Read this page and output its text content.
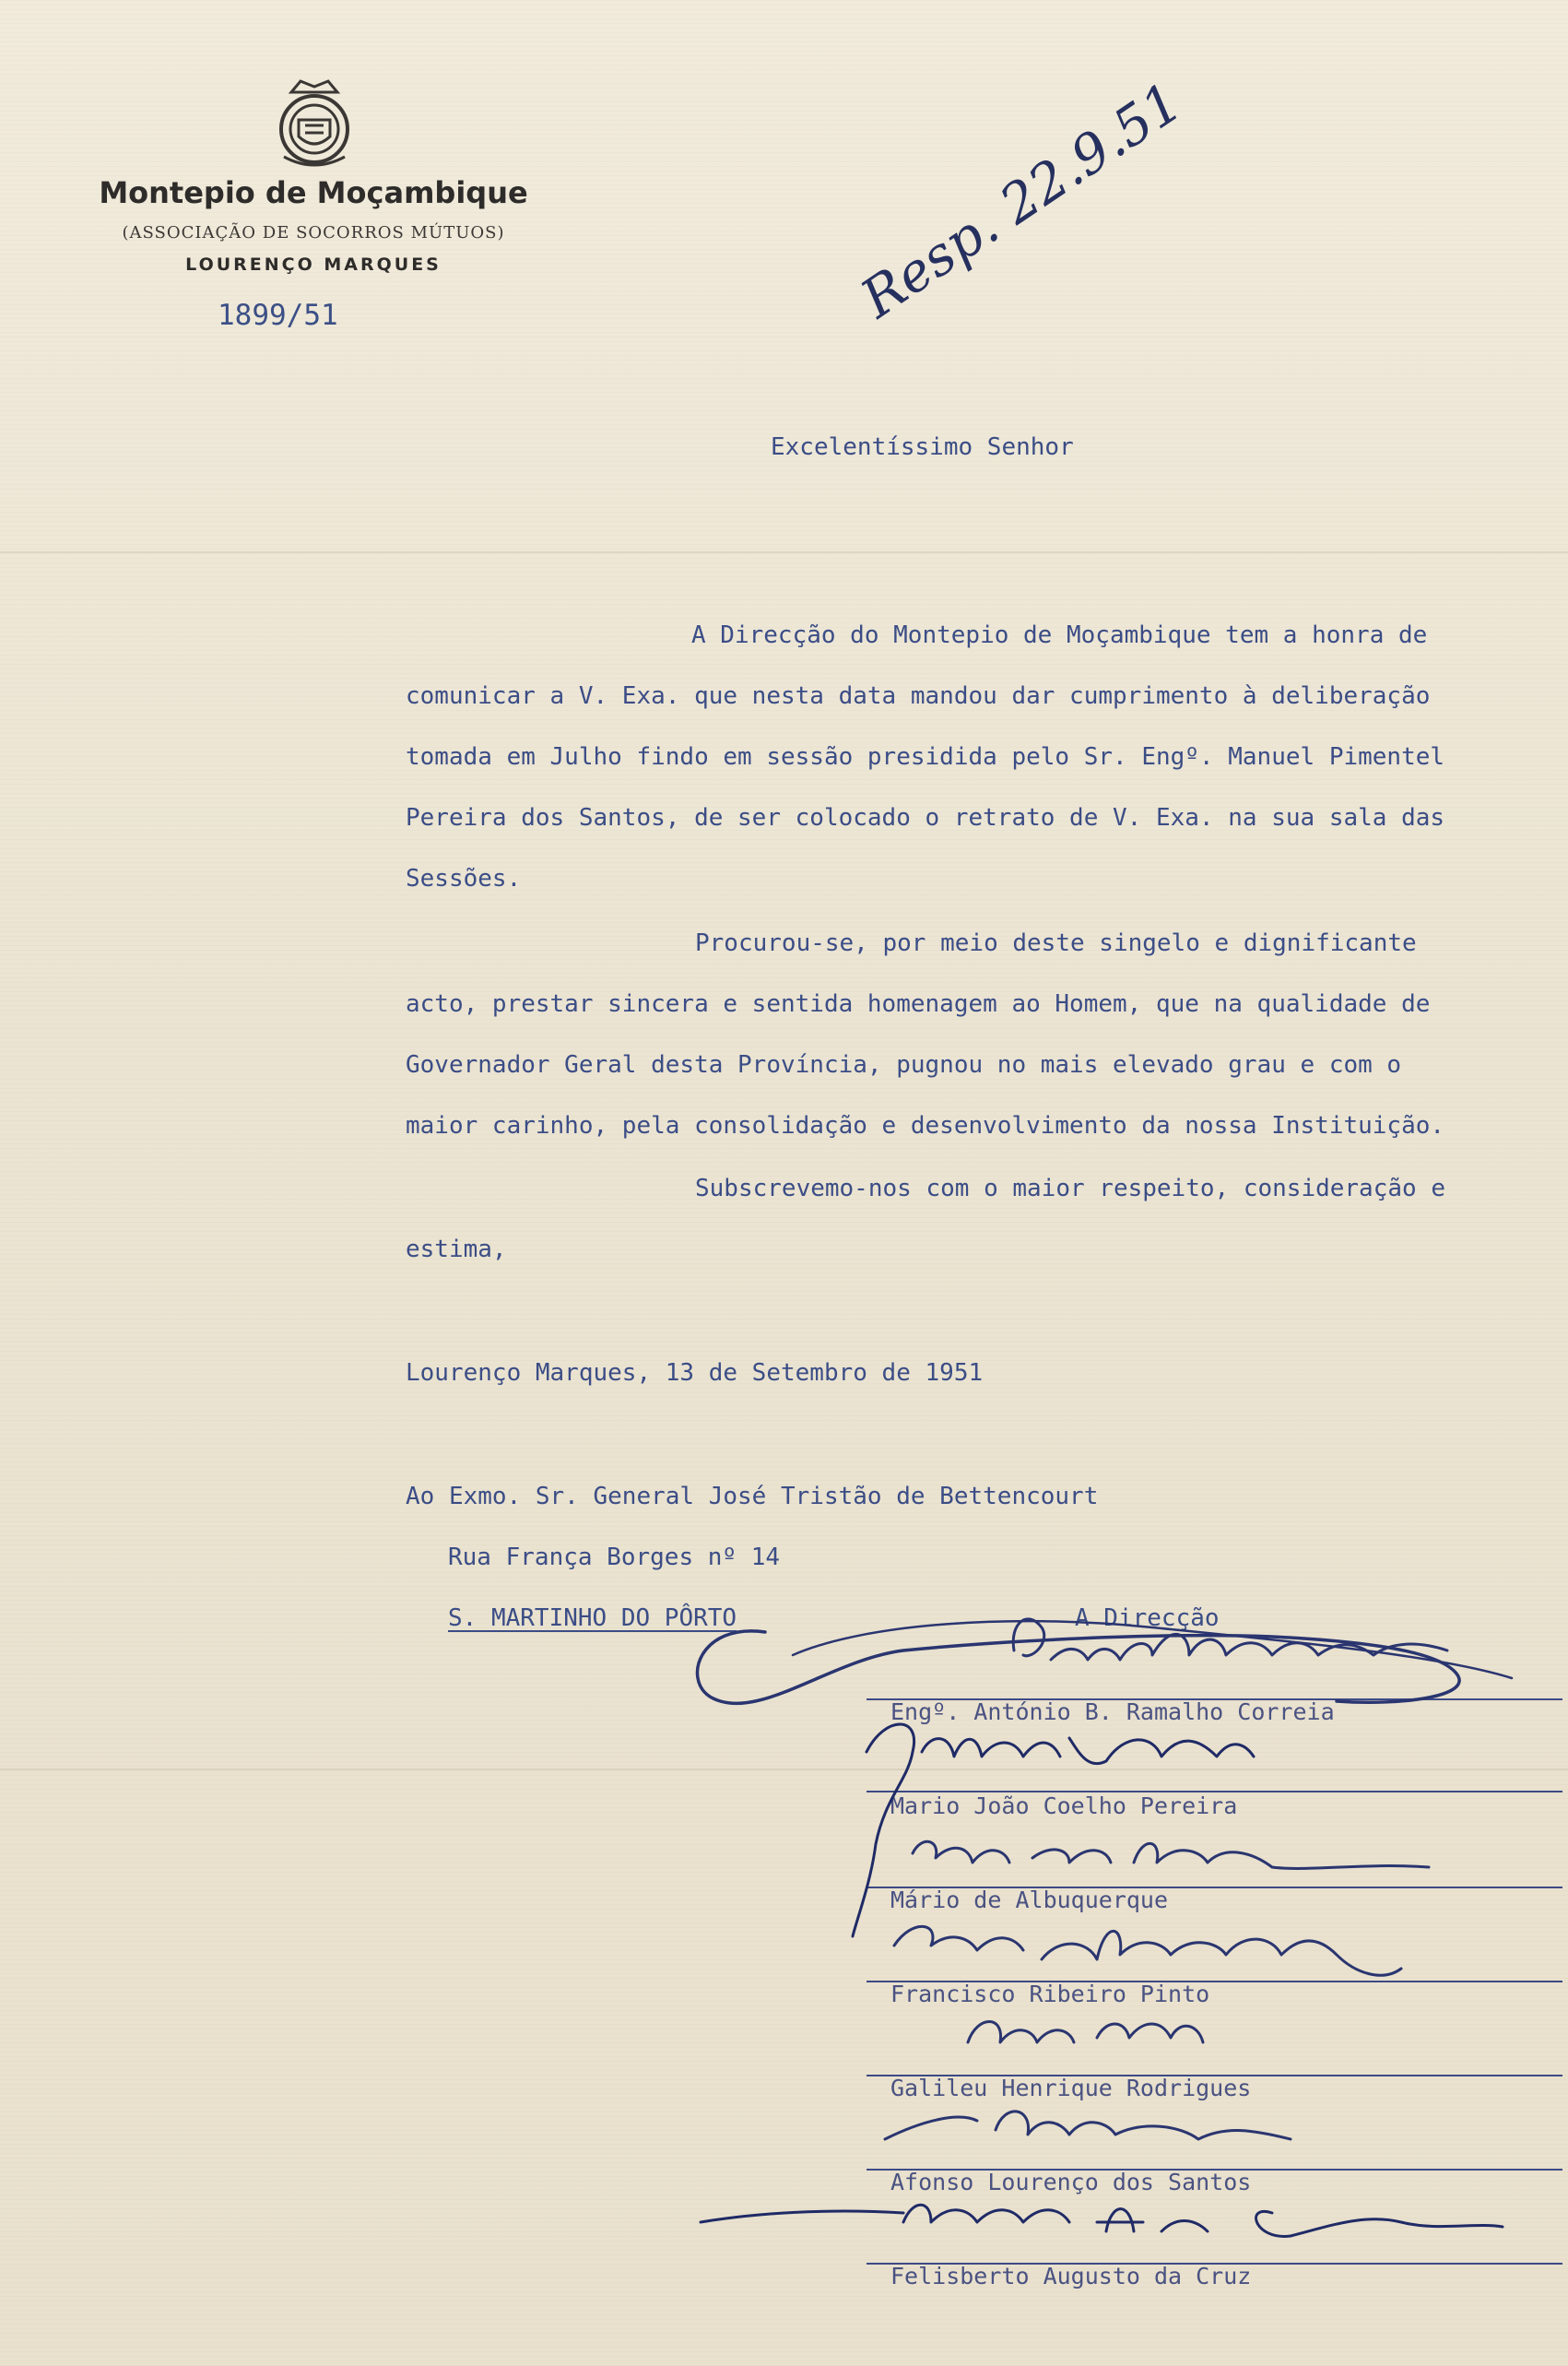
Montepio de Moçambique
(ASSOCIAÇÃO DE SOCORROS MÚTUOS)
LOURENÇO MARQUES
1899/51	Resp. 22.9.51
Excelentíssimo Senhor
A Direcção do Montepio de Moçambique tem a honra de
comunicar a V. Exa. que nesta data mandou dar cumprimento à deliberação
tomada em Julho findo em sessão presidida pelo Sr. Engº. Manuel Pimentel
Pereira dos Santos, de ser colocado o retrato de V. Exa. na sua sala das
Sessões.
Procurou-se, por meio deste singelo e dignificante
acto, prestar sincera e sentida homenagem ao Homem, que na qualidade de
Governador Geral desta Província, pugnou no mais elevado grau e com o
maior carinho, pela consolidação e desenvolvimento da nossa Instituição.
Subscrevemo-nos com o maior respeito, consideração e
estima,
Lourenço Marques, 13 de Setembro de 1951
Ao Exmo. Sr. General José Tristão de Bettencourt
Rua França Borges nº 14
S. MARTINHO DO PÔRTO	A Direcção
Engº. António B. Ramalho Correia
Mario João Coelho Pereira
Mário de Albuquerque
Francisco Ribeiro Pinto
Galileu Henrique Rodrigues
Afonso Lourenço dos Santos
Felisberto Augusto da Cruz
